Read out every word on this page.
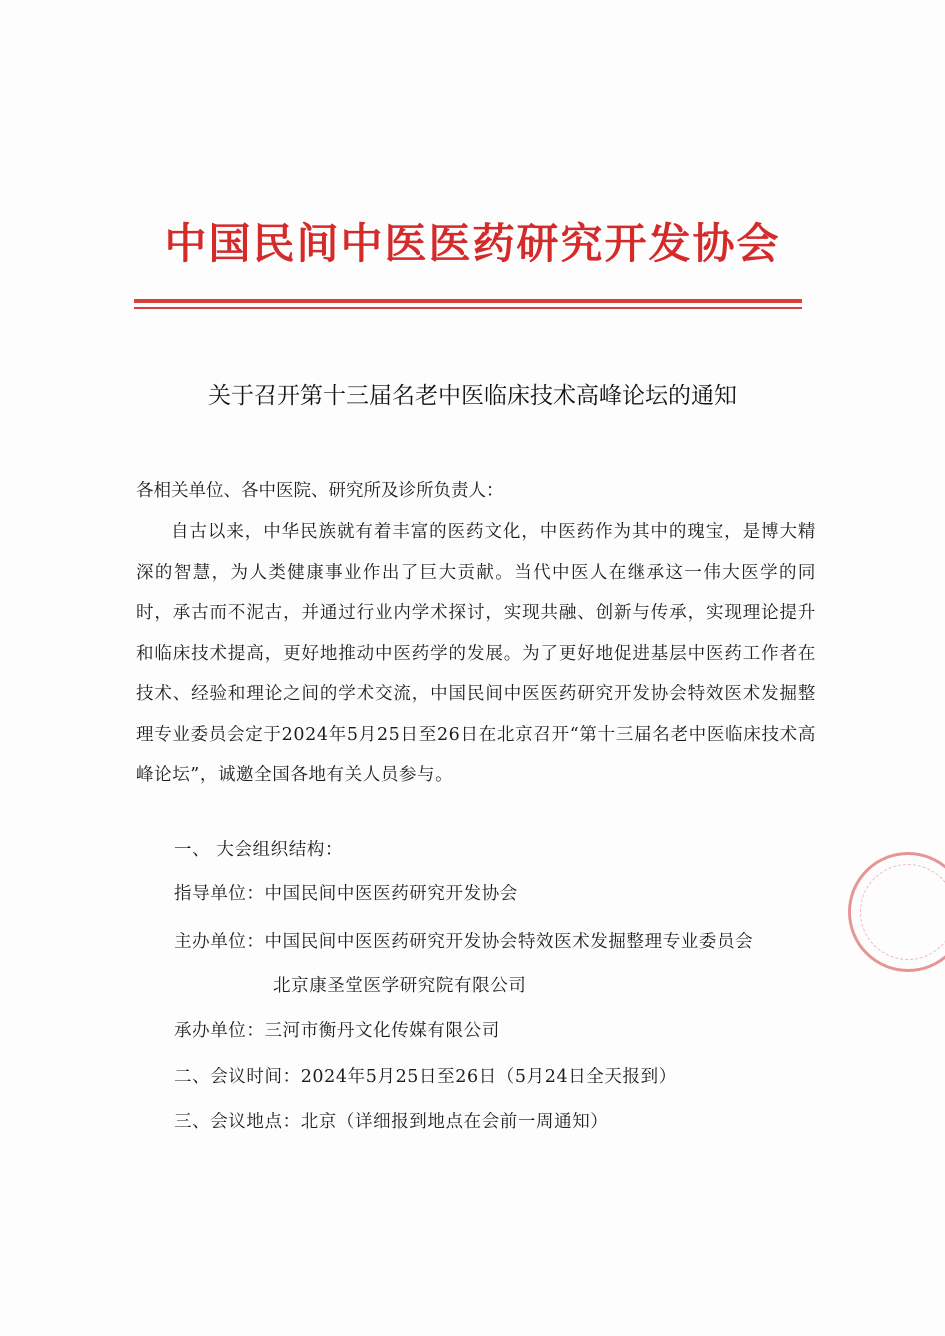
中国民间中医医药研究开发协会
关于召开第十三届名老中医临床技术高峰论坛的通知
各相关单位、各中医院、研究所及诊所负责人：
自古以来，中华民族就有着丰富的医药文化，中医药作为其中的瑰宝，是博大精深的智慧，为人类健康事业作出了巨大贡献。当代中医人在继承这一伟大医学的同时，承古而不泥古，并通过行业内学术探讨，实现共融、创新与传承，实现理论提升和临床技术提高，更好地推动中医药学的发展。为了更好地促进基层中医药工作者在技术、经验和理论之间的学术交流，中国民间中医医药研究开发协会特效医术发掘整理专业委员会定于2024年5月25日至26日在北京召开“第十三届名老中医临床技术高峰论坛”，诚邀全国各地有关人员参与。
一、 大会组织结构：
指导单位：中国民间中医医药研究开发协会
主办单位：中国民间中医医药研究开发协会特效医术发掘整理专业委员会
北京康圣堂医学研究院有限公司
承办单位：三河市衡丹文化传媒有限公司
二、会议时间：2024年5月25日至26日（5月24日全天报到）
三、会议地点：北京（详细报到地点在会前一周通知）
